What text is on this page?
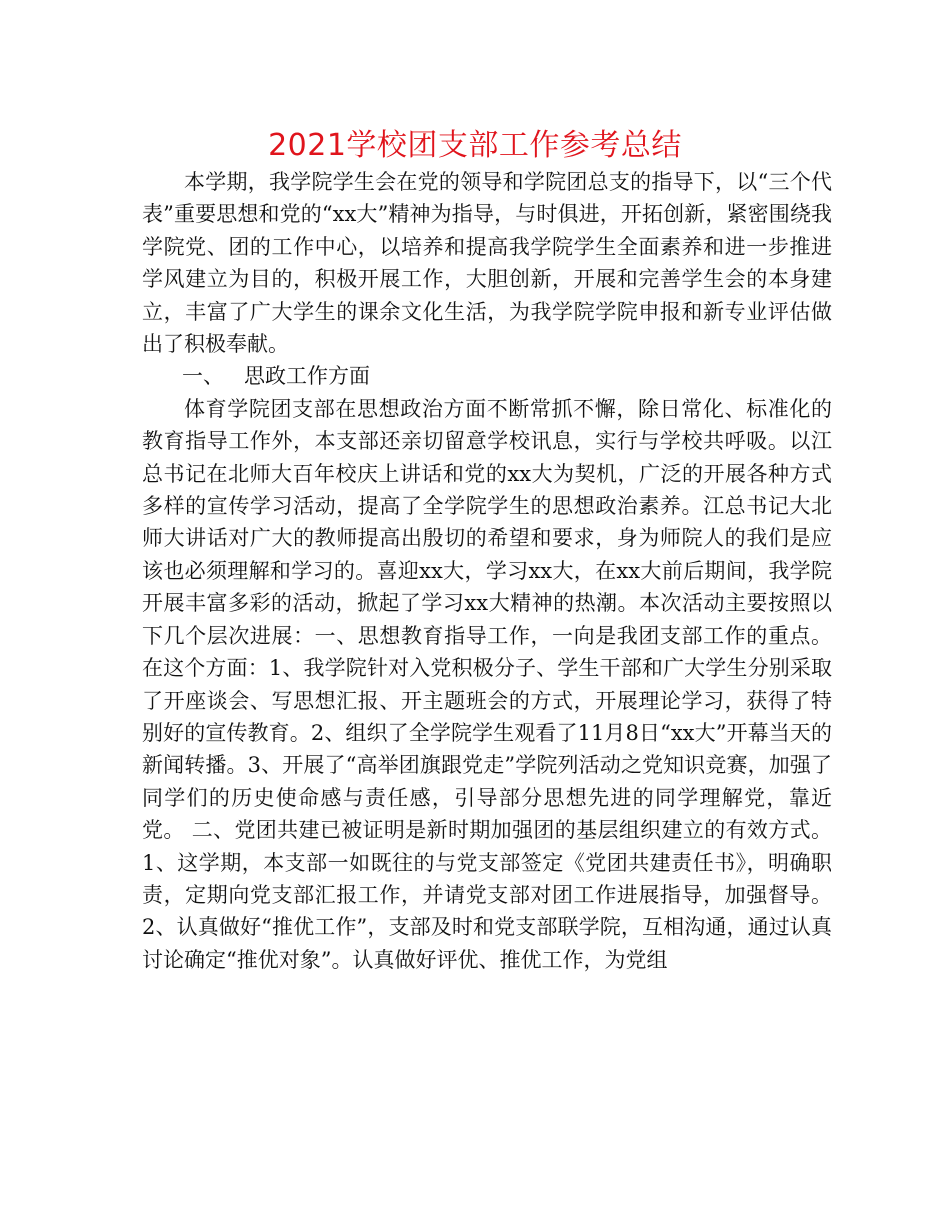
2021学校团支部工作参考总结

本学期，我学院学生会在党的领导和学院团总支的指导下，以“三个代表”重要思想和党的“xx大”精神为指导，与时俱进，开拓创新，紧密围绕我学院党、团的工作中心，以培养和提高我学院学生全面素养和进一步推进学风建立为目的，积极开展工作，大胆创新，开展和完善学生会的本身建立，丰富了广大学生的课余文化生活，为我学院学院申报和新专业评估做出了积极奉献。

一、 思政工作方面

体育学院团支部在思想政治方面不断常抓不懈，除日常化、标准化的教育指导工作外，本支部还亲切留意学校讯息，实行与学校共呼吸。以江总书记在北师大百年校庆上讲话和党的xx大为契机，广泛的开展各种方式多样的宣传学习活动，提高了全学院学生的思想政治素养。江总书记大北师大讲话对广大的教师提高出殷切的希望和要求，身为师院人的我们是应该也必须理解和学习的。喜迎xx大，学习xx大，在xx大前后期间，我学院开展丰富多彩的活动，掀起了学习xx大精神的热潮。本次活动主要按照以下几个层次进展：一、思想教育指导工作，一向是我团支部工作的重点。在这个方面：1、我学院针对入党积极分子、学生干部和广大学生分别采取了开座谈会、写思想汇报、开主题班会的方式，开展理论学习，获得了特别好的宣传教育。2、组织了全学院学生观看了11月8日“xx大”开幕当天的新闻转播。3、开展了“高举团旗跟党走”学院列活动之党知识竞赛，加强了同学们的历史使命感与责任感，引导部分思想先进的同学理解党，靠近党。 二、党团共建已被证明是新时期加强团的基层组织建立的有效方式。1、这学期，本支部一如既往的与党支部签定《党团共建责任书》，明确职责，定期向党支部汇报工作，并请党支部对团工作进展指导，加强督导。2、认真做好“推优工作”，支部及时和党支部联学院，互相沟通，通过认真讨论确定“推优对象”。认真做好评优、推优工作，为党组
